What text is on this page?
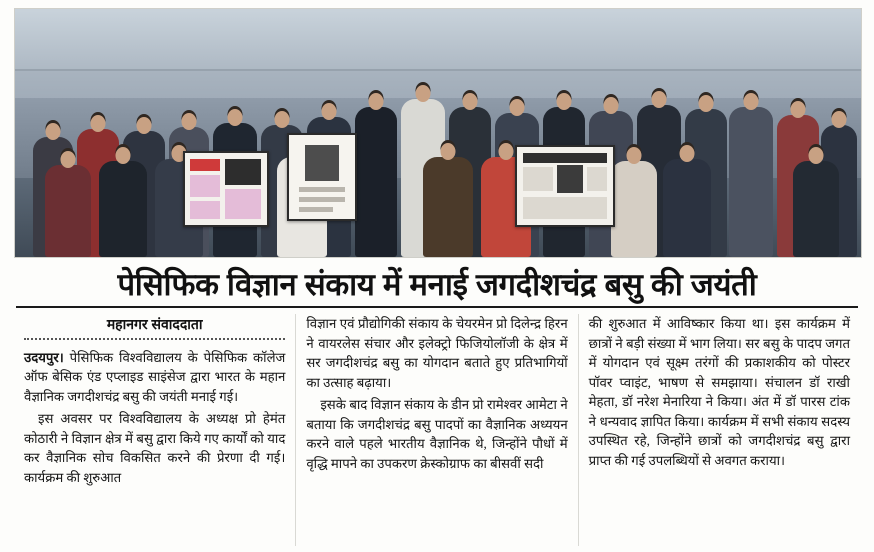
पेसिफिक विज्ञान संकाय में मनाई जगदीशचंद्र बसु की जयंती
महानगर संवाददाता

उदयपुर। पेसिफिक विश्वविद्यालय के पेसिफिक कॉलेज ऑफ बेसिक एंड एप्लाइड साइंसेज द्वारा भारत के महान वैज्ञानिक जगदीशचंद्र बसु की जयंती मनाई गई।

इस अवसर पर विश्वविद्यालय के अध्यक्ष प्रो हेमंत कोठारी ने विज्ञान क्षेत्र में बसु द्वारा किये गए कार्यों को याद कर वैज्ञानिक सोच विकसित करने की प्रेरणा दी गई। कार्यक्रम की शुरुआत

विज्ञान एवं प्रौद्योगिकी संकाय के चेयरमेन प्रो दिलेन्द्र हिरन ने वायरलेस संचार और इलेक्ट्रो फिजियोलॉजी के क्षेत्र में सर जगदीशचंद्र बसु का योगदान बताते हुए प्रतिभागियों का उत्साह बढ़ाया।

इसके बाद विज्ञान संकाय के डीन प्रो रामेश्वर आमेटा ने बताया कि जगदीशचंद्र बसु पादपों का वैज्ञानिक अध्ययन करने वाले पहले भारतीय वैज्ञानिक थे, जिन्होंने पौधों में वृद्धि मापने का उपकरण क्रेस्कोग्राफ का बीसवीं सदी

की शुरुआत में आविष्कार किया था। इस कार्यक्रम में छात्रों ने बड़ी संख्या में भाग लिया। सर बसु के पादप जगत में योगदान एवं सूक्ष्म तरंगों की प्रकाशकीय को पोस्टर पॉवर प्वाइंट, भाषण से समझाया। संचालन डॉ राखी मेहता, डॉ नरेश मेनारिया ने किया। अंत में डॉ पारस टांक ने धन्यवाद ज्ञापित किया। कार्यक्रम में सभी संकाय सदस्य उपस्थित रहे, जिन्होंने छात्रों को जगदीशचंद्र बसु द्वारा प्राप्त की गई उपलब्धियों से अवगत कराया।
